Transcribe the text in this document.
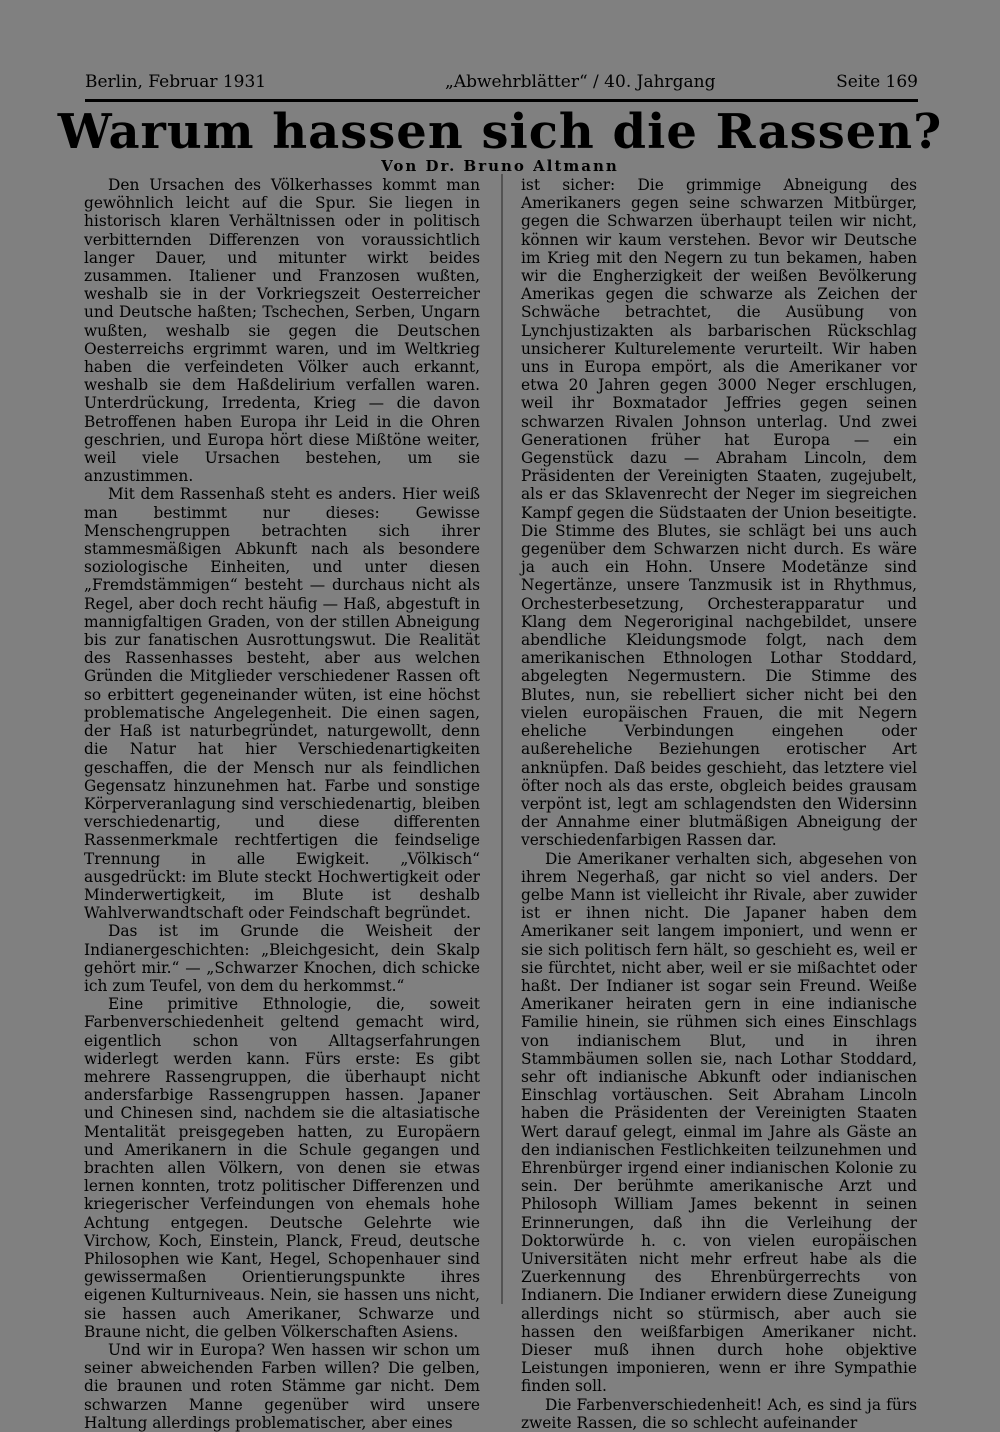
Berlin, Februar 1931	„Abwehrblätter“ / 40. Jahrgang	Seite 169
Warum hassen sich die Rassen?
Von Dr. Bruno Altmann

Den Ursachen des Völkerhasses kommt man gewöhnlich leicht auf die Spur. Sie liegen in historisch klaren Verhältnissen oder in politisch verbitternden Differenzen von voraussichtlich langer Dauer, und mitunter wirkt beides zusammen. Italiener und Franzosen wußten, weshalb sie in der Vorkriegszeit Oesterreicher und Deutsche haßten; Tschechen, Serben, Ungarn wußten, weshalb sie gegen die Deutschen Oesterreichs ergrimmt waren, und im Weltkrieg haben die verfeindeten Völker auch erkannt, weshalb sie dem Haßdelirium verfallen waren. Unterdrückung, Irredenta, Krieg — die davon Betroffenen haben Europa ihr Leid in die Ohren geschrien, und Europa hört diese Mißtöne weiter, weil viele Ursachen bestehen, um sie anzustimmen.

Mit dem Rassenhaß steht es anders. Hier weiß man bestimmt nur dieses: Gewisse Menschengruppen betrachten sich ihrer stammesmäßigen Abkunft nach als besondere soziologische Einheiten, und unter diesen „Fremdstämmigen“ besteht — durchaus nicht als Regel, aber doch recht häufig — Haß, abgestuft in mannigfaltigen Graden, von der stillen Abneigung bis zur fanatischen Ausrottungswut. Die Realität des Rassenhasses besteht, aber aus welchen Gründen die Mitglieder verschiedener Rassen oft so erbittert gegeneinander wüten, ist eine höchst problematische Angelegenheit. Die einen sagen, der Haß ist naturbegründet, naturgewollt, denn die Natur hat hier Verschiedenartigkeiten geschaffen, die der Mensch nur als feindlichen Gegensatz hinzunehmen hat. Farbe und sonstige Körperveranlagung sind verschiedenartig, bleiben verschiedenartig, und diese differenten Rassenmerkmale rechtfertigen die feindselige Trennung in alle Ewigkeit. „Völkisch“ ausgedrückt: im Blute steckt Hochwertigkeit oder Minderwertigkeit, im Blute ist deshalb Wahlverwandtschaft oder Feindschaft begründet.

Das ist im Grunde die Weisheit der Indianergeschichten: „Bleichgesicht, dein Skalp gehört mir.“ — „Schwarzer Knochen, dich schicke ich zum Teufel, von dem du herkommst.“

Eine primitive Ethnologie, die, soweit Farbenverschiedenheit geltend gemacht wird, eigentlich schon von Alltagserfahrungen widerlegt werden kann. Fürs erste: Es gibt mehrere Rassengruppen, die überhaupt nicht andersfarbige Rassengruppen hassen. Japaner und Chinesen sind, nachdem sie die altasiatische Mentalität preisgegeben hatten, zu Europäern und Amerikanern in die Schule gegangen und brachten allen Völkern, von denen sie etwas lernen konnten, trotz politischer Differenzen und kriegerischer Verfeindungen von ehemals hohe Achtung entgegen. Deutsche Gelehrte wie Virchow, Koch, Einstein, Planck, Freud, deutsche Philosophen wie Kant, Hegel, Schopenhauer sind gewissermaßen Orientierungspunkte ihres eigenen Kulturniveaus. Nein, sie hassen uns nicht, sie hassen auch Amerikaner, Schwarze und Braune nicht, die gelben Völkerschaften Asiens.

Und wir in Europa? Wen hassen wir schon um seiner abweichenden Farben willen? Die gelben, die braunen und roten Stämme gar nicht. Dem schwarzen Manne gegenüber wird unsere Haltung allerdings problematischer, aber eines

ist sicher: Die grimmige Abneigung des Amerikaners gegen seine schwarzen Mitbürger, gegen die Schwarzen überhaupt teilen wir nicht, können wir kaum verstehen. Bevor wir Deutsche im Krieg mit den Negern zu tun bekamen, haben wir die Engherzigkeit der weißen Bevölkerung Amerikas gegen die schwarze als Zeichen der Schwäche betrachtet, die Ausübung von Lynchjustizakten als barbarischen Rückschlag unsicherer Kulturelemente verurteilt. Wir haben uns in Europa empört, als die Amerikaner vor etwa 20 Jahren gegen 3000 Neger erschlugen, weil ihr Boxmatador Jeffries gegen seinen schwarzen Rivalen Johnson unterlag. Und zwei Generationen früher hat Europa — ein Gegenstück dazu — Abraham Lincoln, dem Präsidenten der Vereinigten Staaten, zugejubelt, als er das Sklavenrecht der Neger im siegreichen Kampf gegen die Südstaaten der Union beseitigte. Die Stimme des Blutes, sie schlägt bei uns auch gegenüber dem Schwarzen nicht durch. Es wäre ja auch ein Hohn. Unsere Modetänze sind Negertänze, unsere Tanzmusik ist in Rhythmus, Orchesterbesetzung, Orchesterapparatur und Klang dem Negeroriginal nachgebildet, unsere abendliche Kleidungsmode folgt, nach dem amerikanischen Ethnologen Lothar Stoddard, abgelegten Negermustern. Die Stimme des Blutes, nun, sie rebelliert sicher nicht bei den vielen europäischen Frauen, die mit Negern eheliche Verbindungen eingehen oder außereheliche Beziehungen erotischer Art anknüpfen. Daß beides geschieht, das letztere viel öfter noch als das erste, obgleich beides grausam verpönt ist, legt am schlagendsten den Widersinn der Annahme einer blutmäßigen Abneigung der verschiedenfarbigen Rassen dar.

Die Amerikaner verhalten sich, abgesehen von ihrem Negerhaß, gar nicht so viel anders. Der gelbe Mann ist vielleicht ihr Rivale, aber zuwider ist er ihnen nicht. Die Japaner haben dem Amerikaner seit langem imponiert, und wenn er sie sich politisch fern hält, so geschieht es, weil er sie fürchtet, nicht aber, weil er sie mißachtet oder haßt. Der Indianer ist sogar sein Freund. Weiße Amerikaner heiraten gern in eine indianische Familie hinein, sie rühmen sich eines Einschlags von indianischem Blut, und in ihren Stammbäumen sollen sie, nach Lothar Stoddard, sehr oft indianische Abkunft oder indianischen Einschlag vortäuschen. Seit Abraham Lincoln haben die Präsidenten der Vereinigten Staaten Wert darauf gelegt, einmal im Jahre als Gäste an den indianischen Festlichkeiten teilzunehmen und Ehrenbürger irgend einer indianischen Kolonie zu sein. Der berühmte amerikanische Arzt und Philosoph William James bekennt in seinen Erinnerungen, daß ihn die Verleihung der Doktorwürde h. c. von vielen europäischen Universitäten nicht mehr erfreut habe als die Zuerkennung des Ehrenbürgerrechts von Indianern. Die Indianer erwidern diese Zuneigung allerdings nicht so stürmisch, aber auch sie hassen den weißfarbigen Amerikaner nicht. Dieser muß ihnen durch hohe objektive Leistungen imponieren, wenn er ihre Sympathie finden soll.

Die Farbenverschiedenheit! Ach, es sind ja fürs zweite Rassen, die so schlecht aufeinander
